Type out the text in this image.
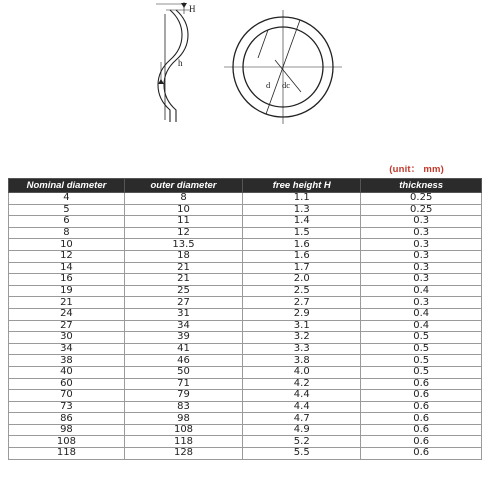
H
h
d dc

(unit： mm)

Nominal diameter	outer diameter	free height H	thickness
4	8	1.1	0.25
5	10	1.3	0.25
6	11	1.4	0.3
8	12	1.5	0.3
10	13.5	1.6	0.3
12	18	1.6	0.3
14	21	1.7	0.3
16	21	2.0	0.3
19	25	2.5	0.4
21	27	2.7	0.3
24	31	2.9	0.4
27	34	3.1	0.4
30	39	3.2	0.5
34	41	3.3	0.5
38	46	3.8	0.5
40	50	4.0	0.5
60	71	4.2	0.6
70	79	4.4	0.6
73	83	4.4	0.6
86	98	4.7	0.6
98	108	4.9	0.6
108	118	5.2	0.6
118	128	5.5	0.6
